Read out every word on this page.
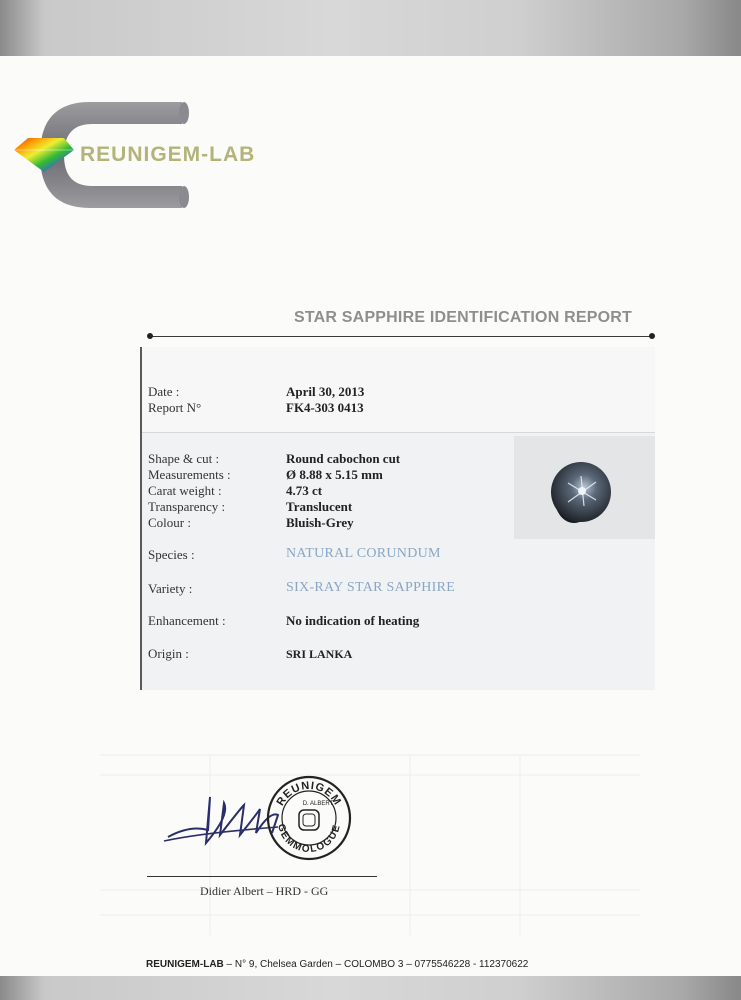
REUNIGEM-LAB
STAR SAPPHIRE IDENTIFICATION REPORT
Date :	April 30, 2013
Report N°	FK4-303 0413
Shape & cut :	Round cabochon cut
Measurements :	Ø 8.88 x 5.15 mm
Carat weight :	4.73 ct
Transparency :	Translucent
Colour :	Bluish-Grey
Species :	NATURAL CORUNDUM
Variety :	SIX-RAY STAR SAPPHIRE
Enhancement :	No indication of heating
Origin :	SRI LANKA
REUNIGEM
GEMMOLOGUE
D. ALBERT
Didier Albert – HRD - GG
REUNIGEM-LAB – N° 9, Chelsea Garden – COLOMBO 3 – 0775546228 - 112370622
